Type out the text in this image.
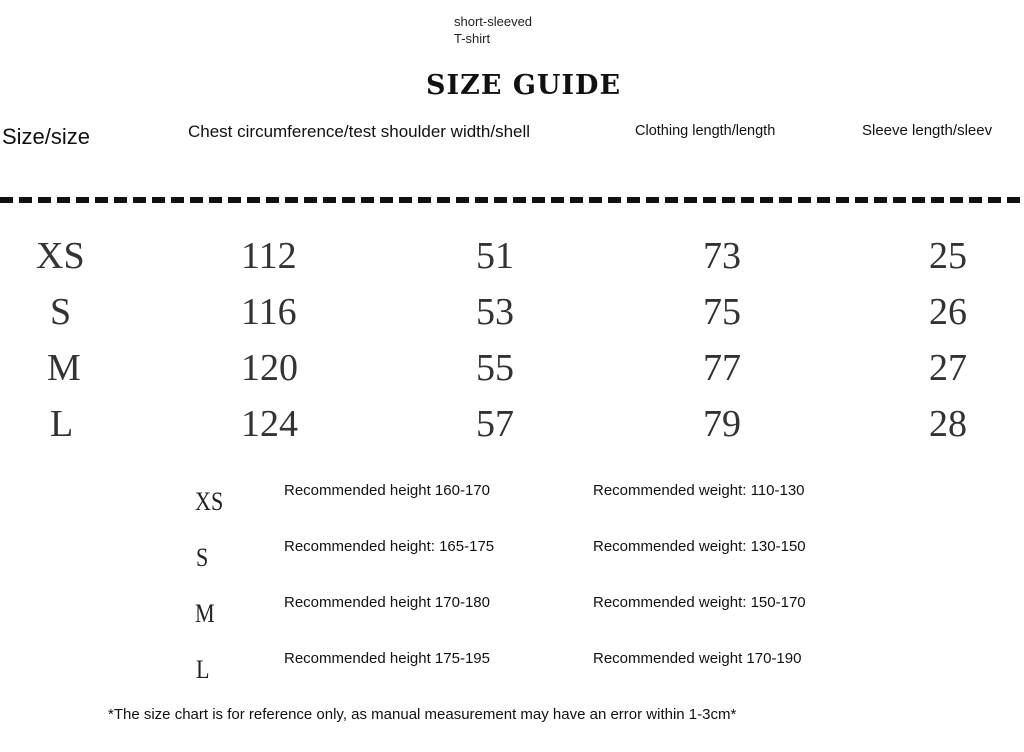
short-sleeved
T-shirt
SIZE GUIDE
Size/size	Chest circumference/test shoulder width/shell	Clothing length/length	Sleeve length/sleev
XS	112	51	73	25
S	116	53	75	26
M	120	55	77	27
L	124	57	79	28
XS	Recommended height 160-170	Recommended weight: 110-130
S	Recommended height: 165-175	Recommended weight: 130-150
M	Recommended height 170-180	Recommended weight: 150-170
L	Recommended height 175-195	Recommended weight 170-190
*The size chart is for reference only, as manual measurement may have an error within 1-3cm*
